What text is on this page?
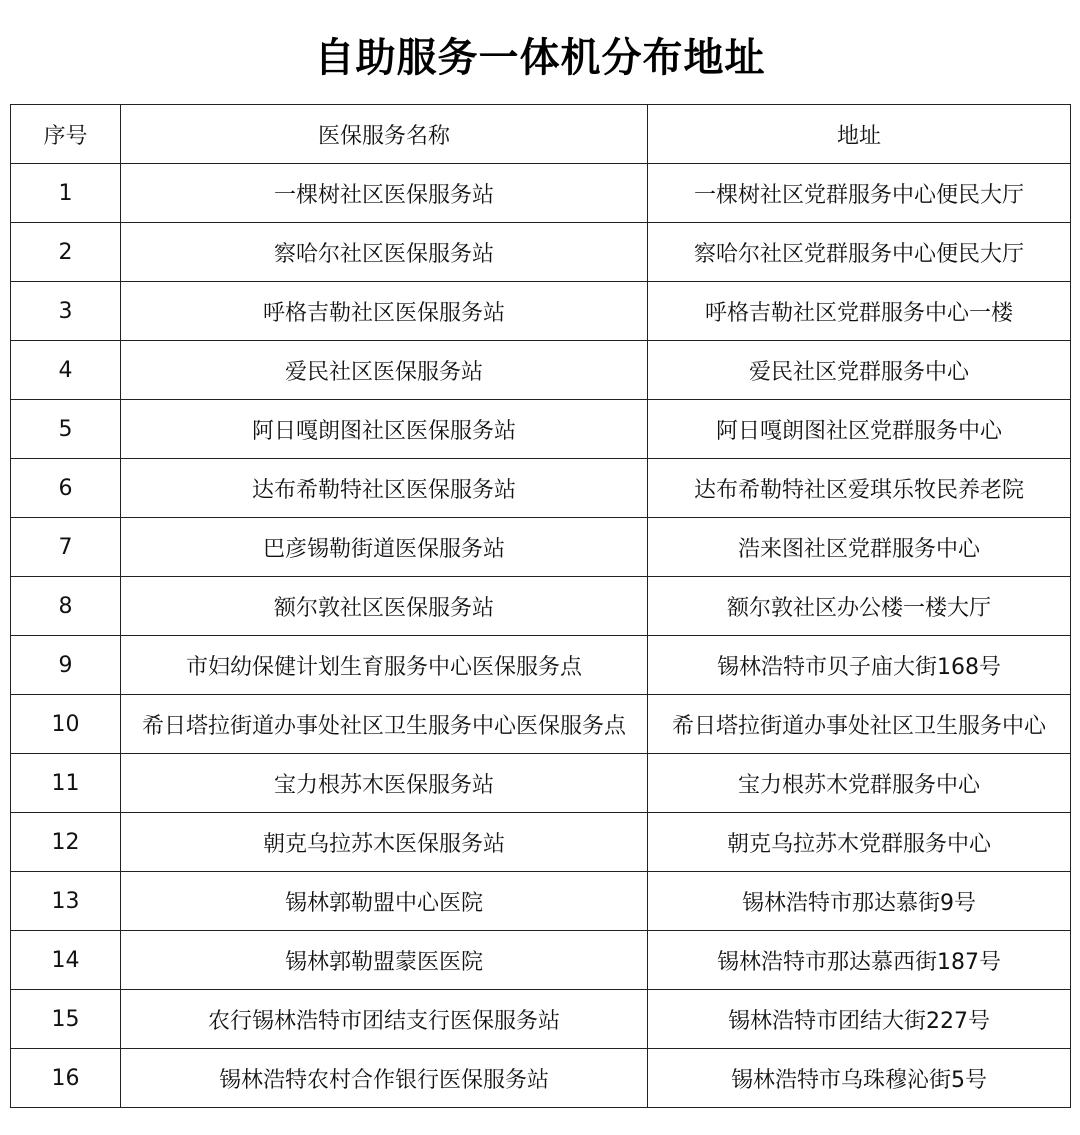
自助服务一体机分布地址
序号	医保服务名称	地址
1	一棵树社区医保服务站	一棵树社区党群服务中心便民大厅
2	察哈尔社区医保服务站	察哈尔社区党群服务中心便民大厅
3	呼格吉勒社区医保服务站	呼格吉勒社区党群服务中心一楼
4	爱民社区医保服务站	爱民社区党群服务中心
5	阿日嘎朗图社区医保服务站	阿日嘎朗图社区党群服务中心
6	达布希勒特社区医保服务站	达布希勒特社区爱琪乐牧民养老院
7	巴彦锡勒街道医保服务站	浩来图社区党群服务中心
8	额尔敦社区医保服务站	额尔敦社区办公楼一楼大厅
9	市妇幼保健计划生育服务中心医保服务点	锡林浩特市贝子庙大街168号
10	希日塔拉街道办事处社区卫生服务中心医保服务点	希日塔拉街道办事处社区卫生服务中心
11	宝力根苏木医保服务站	宝力根苏木党群服务中心
12	朝克乌拉苏木医保服务站	朝克乌拉苏木党群服务中心
13	锡林郭勒盟中心医院	锡林浩特市那达慕街9号
14	锡林郭勒盟蒙医医院	锡林浩特市那达慕西街187号
15	农行锡林浩特市团结支行医保服务站	锡林浩特市团结大街227号
16	锡林浩特农村合作银行医保服务站	锡林浩特市乌珠穆沁街5号
